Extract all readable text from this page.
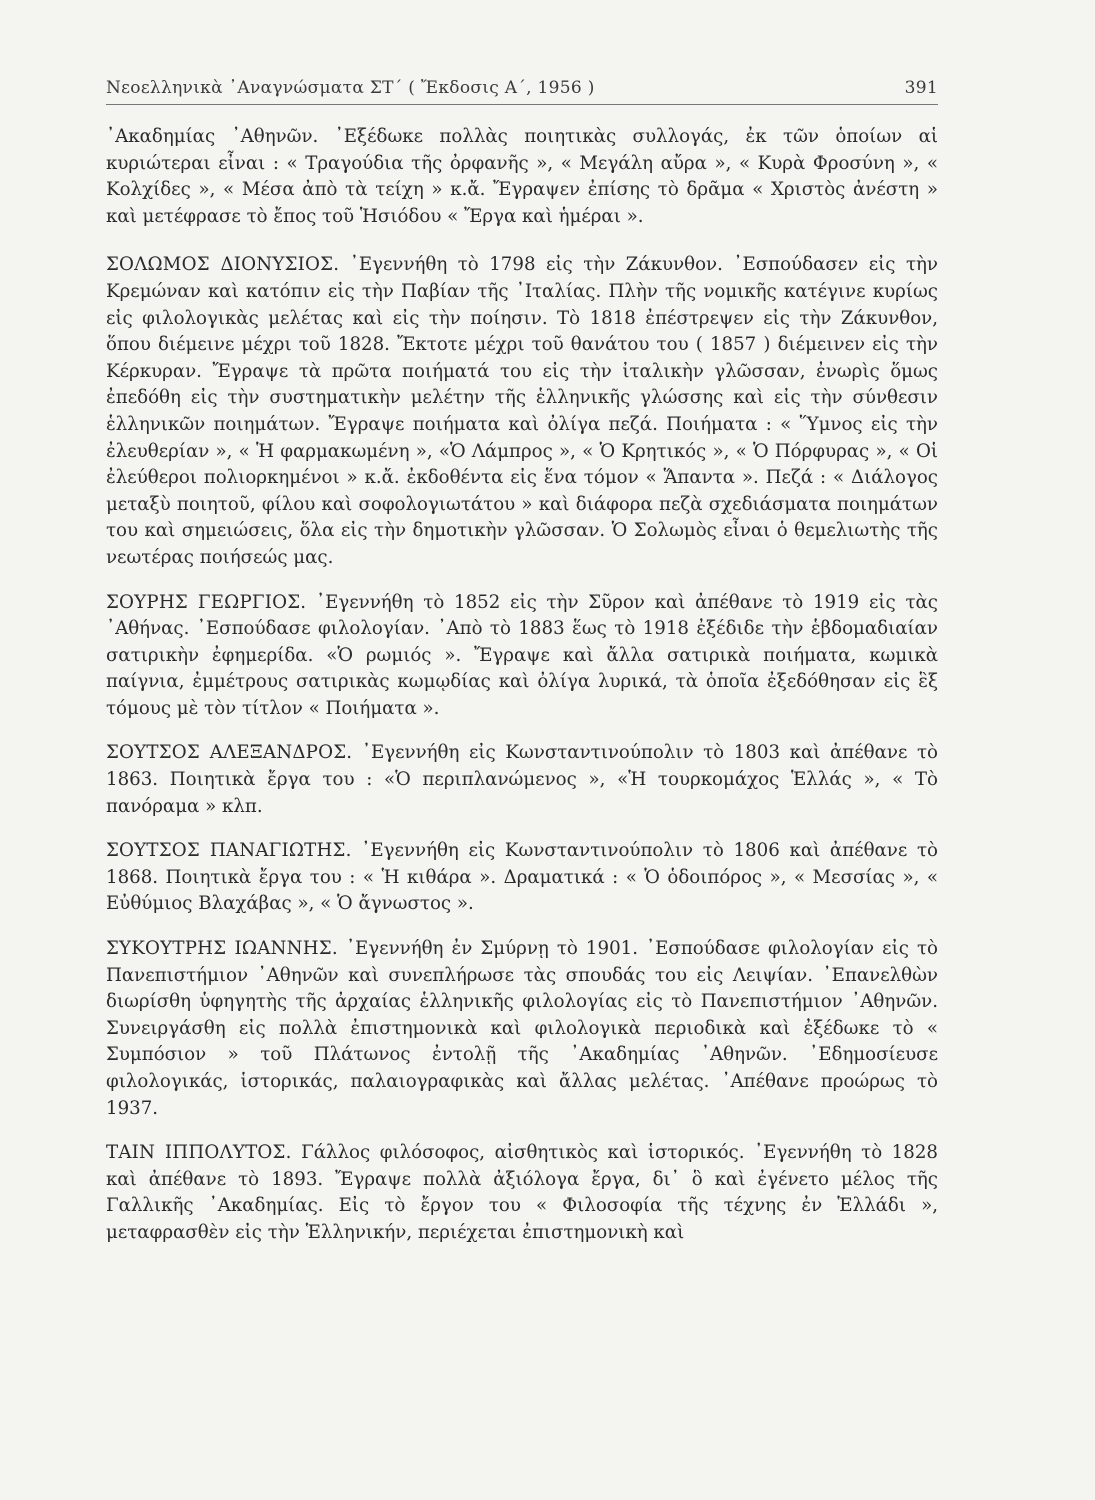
Νεοελληνικὰ ᾿Αναγνώσματα ΣΤ΄ ( Ἔκδοσις Α΄, 1956 )	391

᾿Ακαδημίας ᾿Αθηνῶν. ᾿Εξέδωκε πολλὰς ποιητικὰς συλλογάς, ἐκ τῶν ὁποίων αἱ κυριώτεραι εἶναι : « Τραγούδια τῆς ὀρφανῆς », « Μεγάλη αὔρα », « Κυρὰ Φροσύνη », « Κολχίδες », « Μέσα ἀπὸ τὰ τείχη » κ.ἄ. Ἔγραψεν ἐπίσης τὸ δρᾶμα « Χριστὸς ἀνέστη » καὶ μετέφρασε τὸ ἔπος τοῦ Ἡσιόδου « Ἔργα καὶ ἡμέραι ».

ΣΟΛΩΜΟΣ ΔΙΟΝΥΣΙΟΣ. ᾿Εγεννήθη τὸ 1798 εἰς τὴν Ζάκυνθον. ᾿Εσπούδασεν εἰς τὴν Κρεμώναν καὶ κατόπιν εἰς τὴν Παβίαν τῆς ᾿Ιταλίας. Πλὴν τῆς νομικῆς κατέγινε κυρίως εἰς φιλολογικὰς μελέτας καὶ εἰς τὴν ποίησιν. Τὸ 1818 ἐπέστρεψεν εἰς τὴν Ζάκυνθον, ὅπου διέμεινε μέχρι τοῦ 1828. Ἔκτοτε μέχρι τοῦ θανάτου του ( 1857 ) διέμεινεν εἰς τὴν Κέρκυραν. Ἔγραψε τὰ πρῶτα ποιήματά του εἰς τὴν ἰταλικὴν γλῶσσαν, ἐνωρὶς ὅμως ἐπεδόθη εἰς τὴν συστηματικὴν μελέτην τῆς ἑλληνικῆς γλώσσης καὶ εἰς τὴν σύνθεσιν ἑλληνικῶν ποιημάτων. Ἔγραψε ποιήματα καὶ ὀλίγα πεζά. Ποιήματα : « Ὕμνος εἰς τὴν ἐλευθερίαν », « Ἡ φαρμακωμένη », «Ὁ Λάμπρος », « Ὁ Κρητικός », « Ὁ Πόρφυρας », « Οἱ ἐλεύθεροι πολιορκημένοι » κ.ἄ. ἐκδοθέντα εἰς ἕνα τόμον « Ἅπαντα ». Πεζά : « Διάλογος μεταξὺ ποιητοῦ, φίλου καὶ σοφολογιωτάτου » καὶ διάφορα πεζὰ σχεδιάσματα ποιημάτων του καὶ σημειώσεις, ὅλα εἰς τὴν δημοτικὴν γλῶσσαν. Ὁ Σολωμὸς εἶναι ὁ θεμελιωτὴς τῆς νεωτέρας ποιήσεώς μας.

ΣΟΥΡΗΣ ΓΕΩΡΓΙΟΣ. ᾿Εγεννήθη τὸ 1852 εἰς τὴν Σῦρον καὶ ἀπέθανε τὸ 1919 εἰς τὰς ᾿Αθήνας. ᾿Εσπούδασε φιλολογίαν. ᾿Απὸ τὸ 1883 ἕως τὸ 1918 ἐξέδιδε τὴν ἑβδομαδιαίαν σατιρικὴν ἐφημερίδα. «Ὁ ρωμιός ». Ἔγραψε καὶ ἄλλα σατιρικὰ ποιήματα, κωμικὰ παίγνια, ἐμμέτρους σατιρικὰς κωμῳδίας καὶ ὀλίγα λυρικά, τὰ ὁποῖα ἐξεδόθησαν εἰς ἓξ τόμους μὲ τὸν τίτλον « Ποιήματα ».

ΣΟΥΤΣΟΣ ΑΛΕΞΑΝΔΡΟΣ. ᾿Εγεννήθη εἰς Κωνσταντινούπολιν τὸ 1803 καὶ ἀπέθανε τὸ 1863. Ποιητικὰ ἔργα του : «Ὁ περιπλανώμενος », «Ἡ τουρκομάχος Ἑλλάς », « Τὸ πανόραμα » κλπ.

ΣΟΥΤΣΟΣ ΠΑΝΑΓΙΩΤΗΣ. ᾿Εγεννήθη εἰς Κωνσταντινούπολιν τὸ 1806 καὶ ἀπέθανε τὸ 1868. Ποιητικὰ ἔργα του : « Ἡ κιθάρα ». Δραματικά : « Ὁ ὁδοιπόρος », « Μεσσίας », « Εὐθύμιος Βλαχάβας », « Ὁ ἄγνωστος ».

ΣΥΚΟΥΤΡΗΣ ΙΩΑΝΝΗΣ. ᾿Εγεννήθη ἐν Σμύρνῃ τὸ 1901. ᾿Εσπούδασε φιλολογίαν εἰς τὸ Πανεπιστήμιον ᾿Αθηνῶν καὶ συνεπλήρωσε τὰς σπουδάς του εἰς Λειψίαν. ᾿Επανελθὼν διωρίσθη ὑφηγητὴς τῆς ἀρχαίας ἑλληνικῆς φιλολογίας εἰς τὸ Πανεπιστήμιον ᾿Αθηνῶν. Συνειργάσθη εἰς πολλὰ ἐπιστημονικὰ καὶ φιλολογικὰ περιοδικὰ καὶ ἐξέδωκε τὸ « Συμπόσιον » τοῦ Πλάτωνος ἐντολῇ τῆς ᾿Ακαδημίας ᾿Αθηνῶν. ᾿Εδημοσίευσε φιλολογικάς, ἱστορικάς, παλαιογραφικὰς καὶ ἄλλας μελέτας. ᾿Απέθανε προώρως τὸ 1937.

ΤΑΙΝ ΙΠΠΟΛΥΤΟΣ. Γάλλος φιλόσοφος, αἰσθητικὸς καὶ ἱστορικός. ᾿Εγεννήθη τὸ 1828 καὶ ἀπέθανε τὸ 1893. Ἔγραψε πολλὰ ἀξιόλογα ἔργα, δι᾿ ὃ καὶ ἐγένετο μέλος τῆς Γαλλικῆς ᾿Ακαδημίας. Εἰς τὸ ἔργον του « Φιλοσοφία τῆς τέχνης ἐν Ἑλλάδι », μεταφρασθὲν εἰς τὴν Ἑλληνικήν, περιέχεται ἐπιστημονικὴ καὶ
